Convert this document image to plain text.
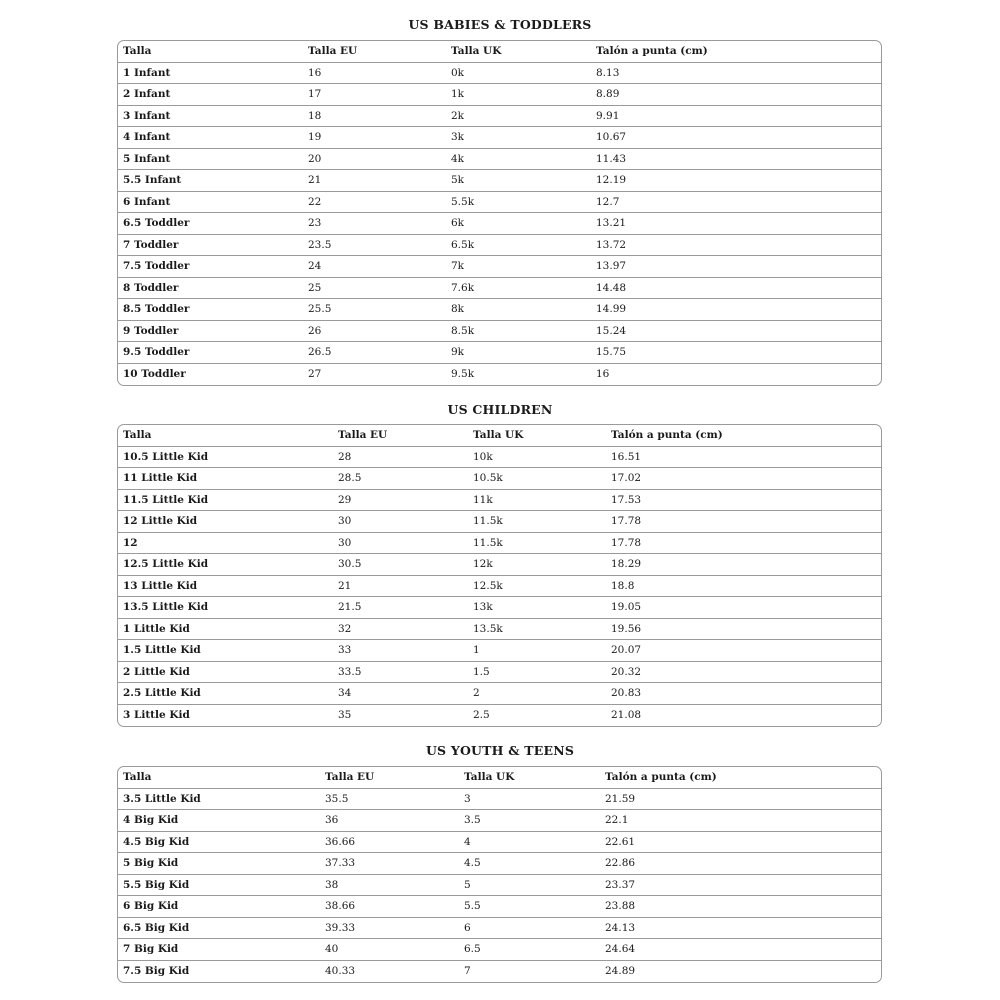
US BABIES & TODDLERS
Talla	Talla EU	Talla UK	Talón a punta (cm)
1 Infant	16	0k	8.13
2 Infant	17	1k	8.89
3 Infant	18	2k	9.91
4 Infant	19	3k	10.67
5 Infant	20	4k	11.43
5.5 Infant	21	5k	12.19
6 Infant	22	5.5k	12.7
6.5 Toddler	23	6k	13.21
7 Toddler	23.5	6.5k	13.72
7.5 Toddler	24	7k	13.97
8 Toddler	25	7.6k	14.48
8.5 Toddler	25.5	8k	14.99
9 Toddler	26	8.5k	15.24
9.5 Toddler	26.5	9k	15.75
10 Toddler	27	9.5k	16
US CHILDREN
Talla	Talla EU	Talla UK	Talón a punta (cm)
10.5 Little Kid	28	10k	16.51
11 Little Kid	28.5	10.5k	17.02
11.5 Little Kid	29	11k	17.53
12 Little Kid	30	11.5k	17.78
12	30	11.5k	17.78
12.5 Little Kid	30.5	12k	18.29
13 Little Kid	21	12.5k	18.8
13.5 Little Kid	21.5	13k	19.05
1 Little Kid	32	13.5k	19.56
1.5 Little Kid	33	1	20.07
2 Little Kid	33.5	1.5	20.32
2.5 Little Kid	34	2	20.83
3 Little Kid	35	2.5	21.08
US YOUTH & TEENS
Talla	Talla EU	Talla UK	Talón a punta (cm)
3.5 Little Kid	35.5	3	21.59
4 Big Kid	36	3.5	22.1
4.5 Big Kid	36.66	4	22.61
5 Big Kid	37.33	4.5	22.86
5.5 Big Kid	38	5	23.37
6 Big Kid	38.66	5.5	23.88
6.5 Big Kid	39.33	6	24.13
7 Big Kid	40	6.5	24.64
7.5 Big Kid	40.33	7	24.89
